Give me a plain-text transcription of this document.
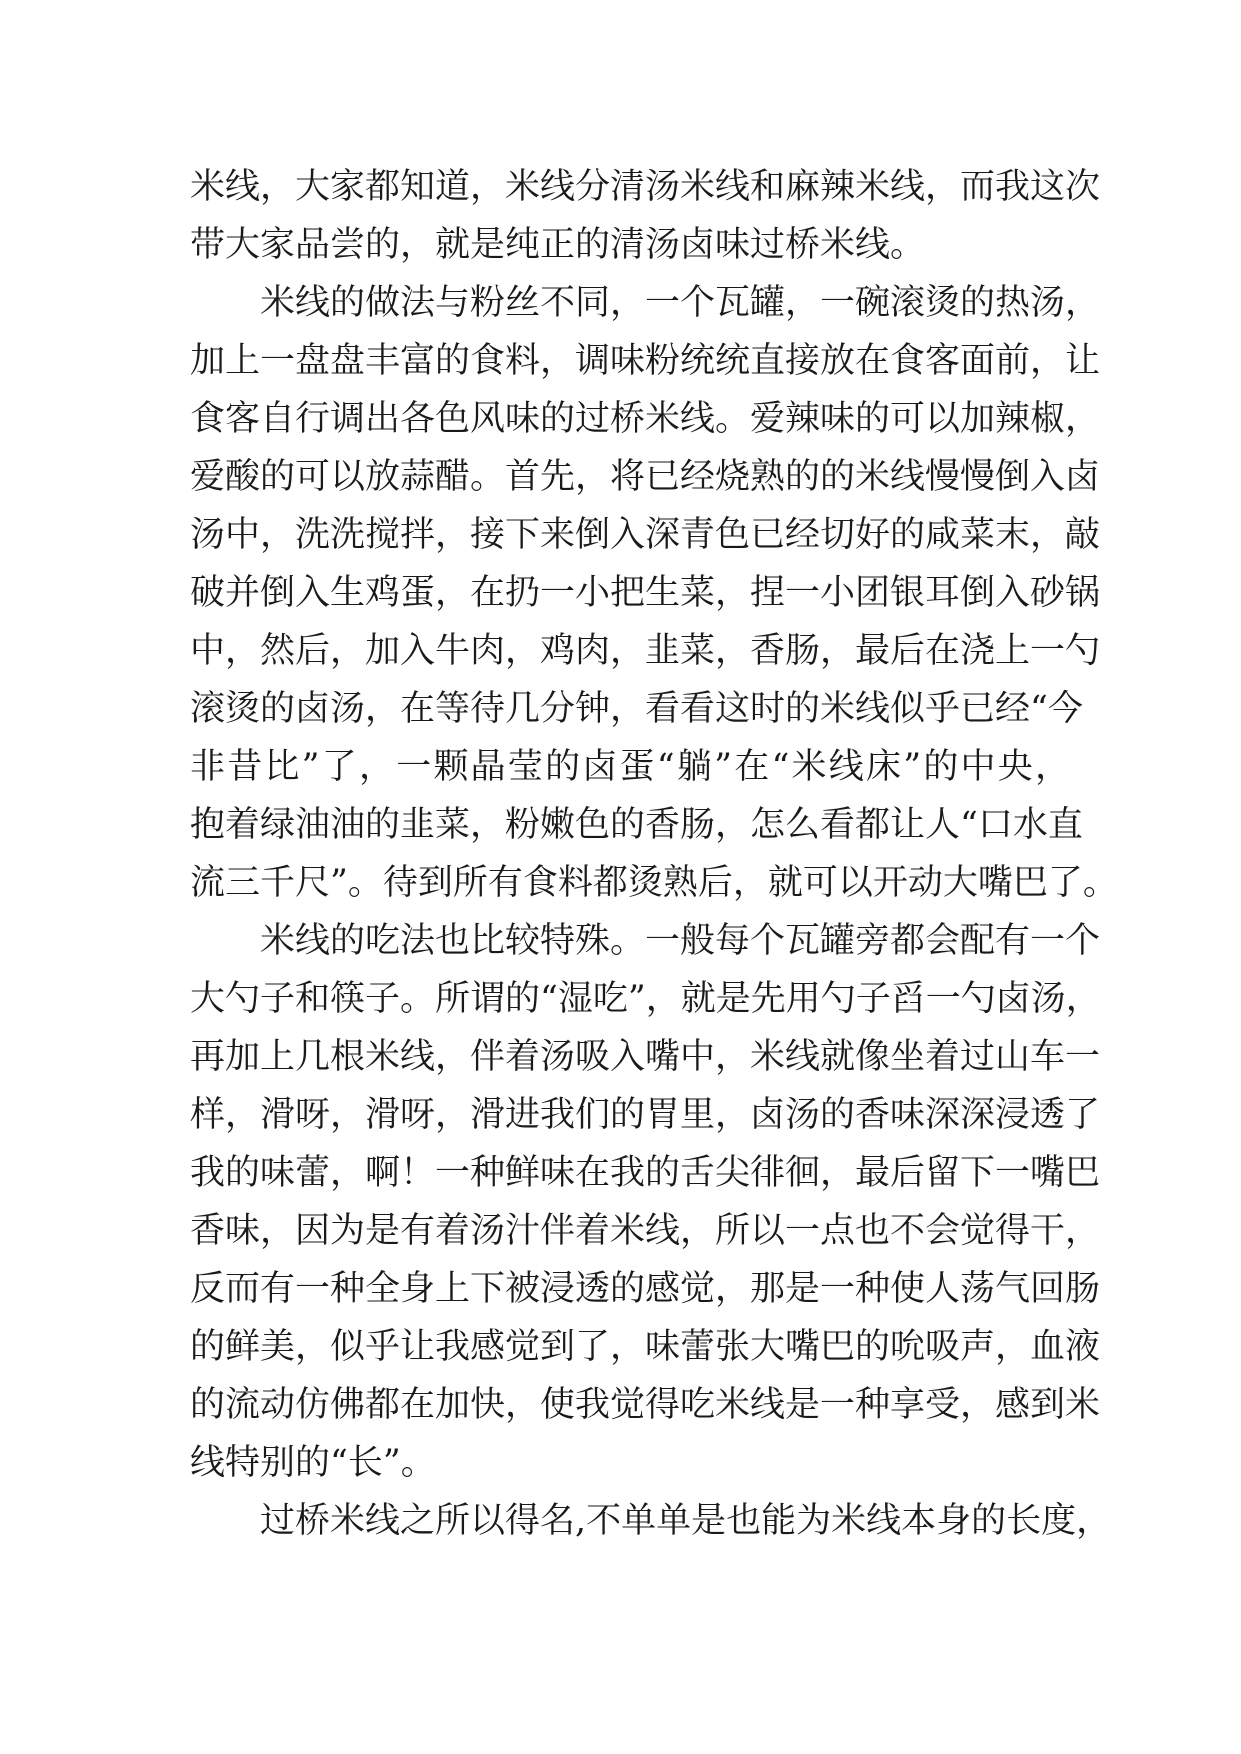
米线，大家都知道，米线分清汤米线和麻辣米线，而我这次
带大家品尝的，就是纯正的清汤卤味过桥米线。
米线的做法与粉丝不同，一个瓦罐，一碗滚烫的热汤，
加上一盘盘丰富的食料，调味粉统统直接放在食客面前，让
食客自行调出各色风味的过桥米线。爱辣味的可以加辣椒，
爱酸的可以放蒜醋。首先，将已经烧熟的的米线慢慢倒入卤
汤中，洗洗搅拌，接下来倒入深青色已经切好的咸菜末，敲
破并倒入生鸡蛋，在扔一小把生菜，捏一小团银耳倒入砂锅
中，然后，加入牛肉，鸡肉，韭菜，香肠，最后在浇上一勺
滚烫的卤汤，在等待几分钟，看看这时的米线似乎已经“今
非昔比”了，一颗晶莹的卤蛋“躺”在“米线床”的中央，
抱着绿油油的韭菜，粉嫩色的香肠，怎么看都让人“口水直
流三千尺”。待到所有食料都烫熟后，就可以开动大嘴巴了。
米线的吃法也比较特殊。一般每个瓦罐旁都会配有一个
大勺子和筷子。所谓的“湿吃”，就是先用勺子舀一勺卤汤，
再加上几根米线，伴着汤吸入嘴中，米线就像坐着过山车一
样，滑呀，滑呀，滑进我们的胃里，卤汤的香味深深浸透了
我的味蕾，啊！一种鲜味在我的舌尖徘徊，最后留下一嘴巴
香味，因为是有着汤汁伴着米线，所以一点也不会觉得干，
反而有一种全身上下被浸透的感觉，那是一种使人荡气回肠
的鲜美，似乎让我感觉到了，味蕾张大嘴巴的吮吸声，血液
的流动仿佛都在加快，使我觉得吃米线是一种享受，感到米
线特别的“长”。
过桥米线之所以得名,不单单是也能为米线本身的长度，
